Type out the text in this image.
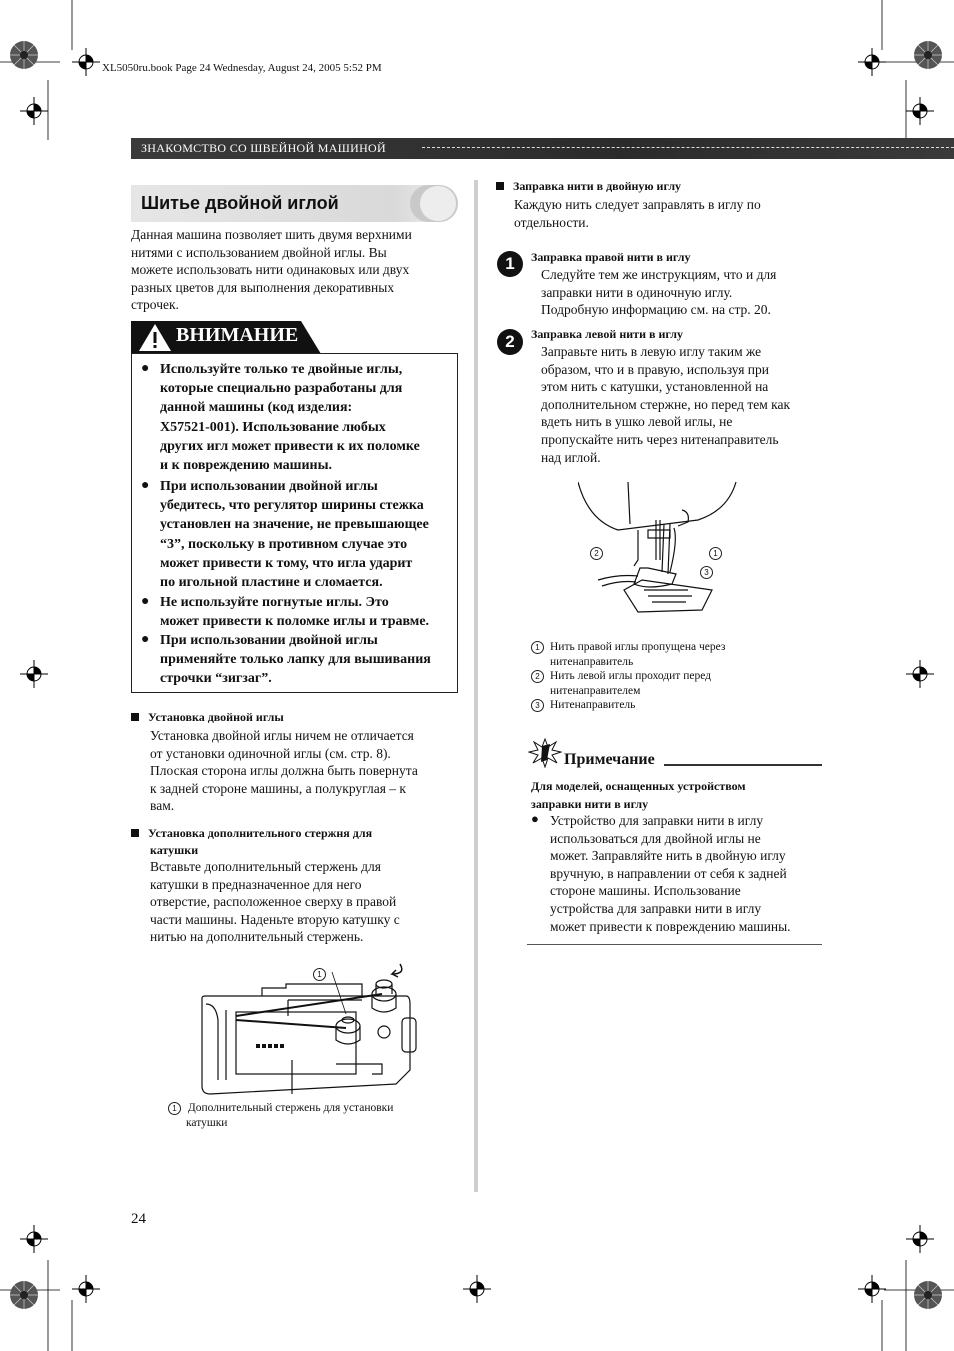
XL5050ru.book Page 24 Wednesday, August 24, 2005 5:52 PM
ЗНАКОМСТВО СО ШВЕЙНОЙ МАШИНОЙ
Шитье двойной иглой
Данная машина позволяет шить двумя верхними
нитями с использованием двойной иглы. Вы
можете использовать нити одинаковых или двух
разных цветов для выполнения декоративных
строчек.
ВНИМАНИЕ
● Используйте только те двойные иглы,
которые специально разработаны для
данной машины (код изделия:
X57521-001). Использование любых
других игл может привести к их поломке
и к повреждению машины.
● При использовании двойной иглы
убедитесь, что регулятор ширины стежка
установлен на значение, не превышающее
“3”, поскольку в противном случае это
может привести к тому, что игла ударит
по игольной пластине и сломается.
● Не используйте погнутые иглы. Это
может привести к поломке иглы и травме.
● При использовании двойной иглы
применяйте только лапку для вышивания
строчки “зигзаг”.
Установка двойной иглы
Установка двойной иглы ничем не отличается
от установки одиночной иглы (см. стр. 8).
Плоская сторона иглы должна быть повернута
к задней стороне машины, а полукруглая – к
вам.
Установка дополнительного стержня для
катушки
Вставьте дополнительный стержень для
катушки в предназначенное для него
отверстие, расположенное сверху в правой
части машины. Наденьте вторую катушку с
нитью на дополнительный стержень.
1
1 Дополнительный стержень для установки
катушки
Заправка нити в двойную иглу
Каждую нить следует заправлять в иглу по
отдельности.
1	Заправка правой нити в иглу
Следуйте тем же инструкциям, что и для
заправки нити в одиночную иглу.
Подробную информацию см. на стр. 20.
2	Заправка левой нити в иглу
Заправьте нить в левую иглу таким же
образом, что и в правую, используя при
этом нить с катушки, установленной на
дополнительном стержне, но перед тем как
вдеть нить в ушко левой иглы, не
пропускайте нить через нитенаправитель
над иглой.
2	1
3
1 Нить правой иглы пропущена через
нитенаправитель
2 Нить левой иглы проходит перед
нитенаправителем
3 Нитенаправитель
Примечание
Для моделей, оснащенных устройством
заправки нити в иглу
● Устройство для заправки нити в иглу
использоваться для двойной иглы не
может. Заправляйте нить в двойную иглу
вручную, в направлении от себя к задней
стороне машины. Использование
устройства для заправки нити в иглу
может привести к повреждению машины.
24
